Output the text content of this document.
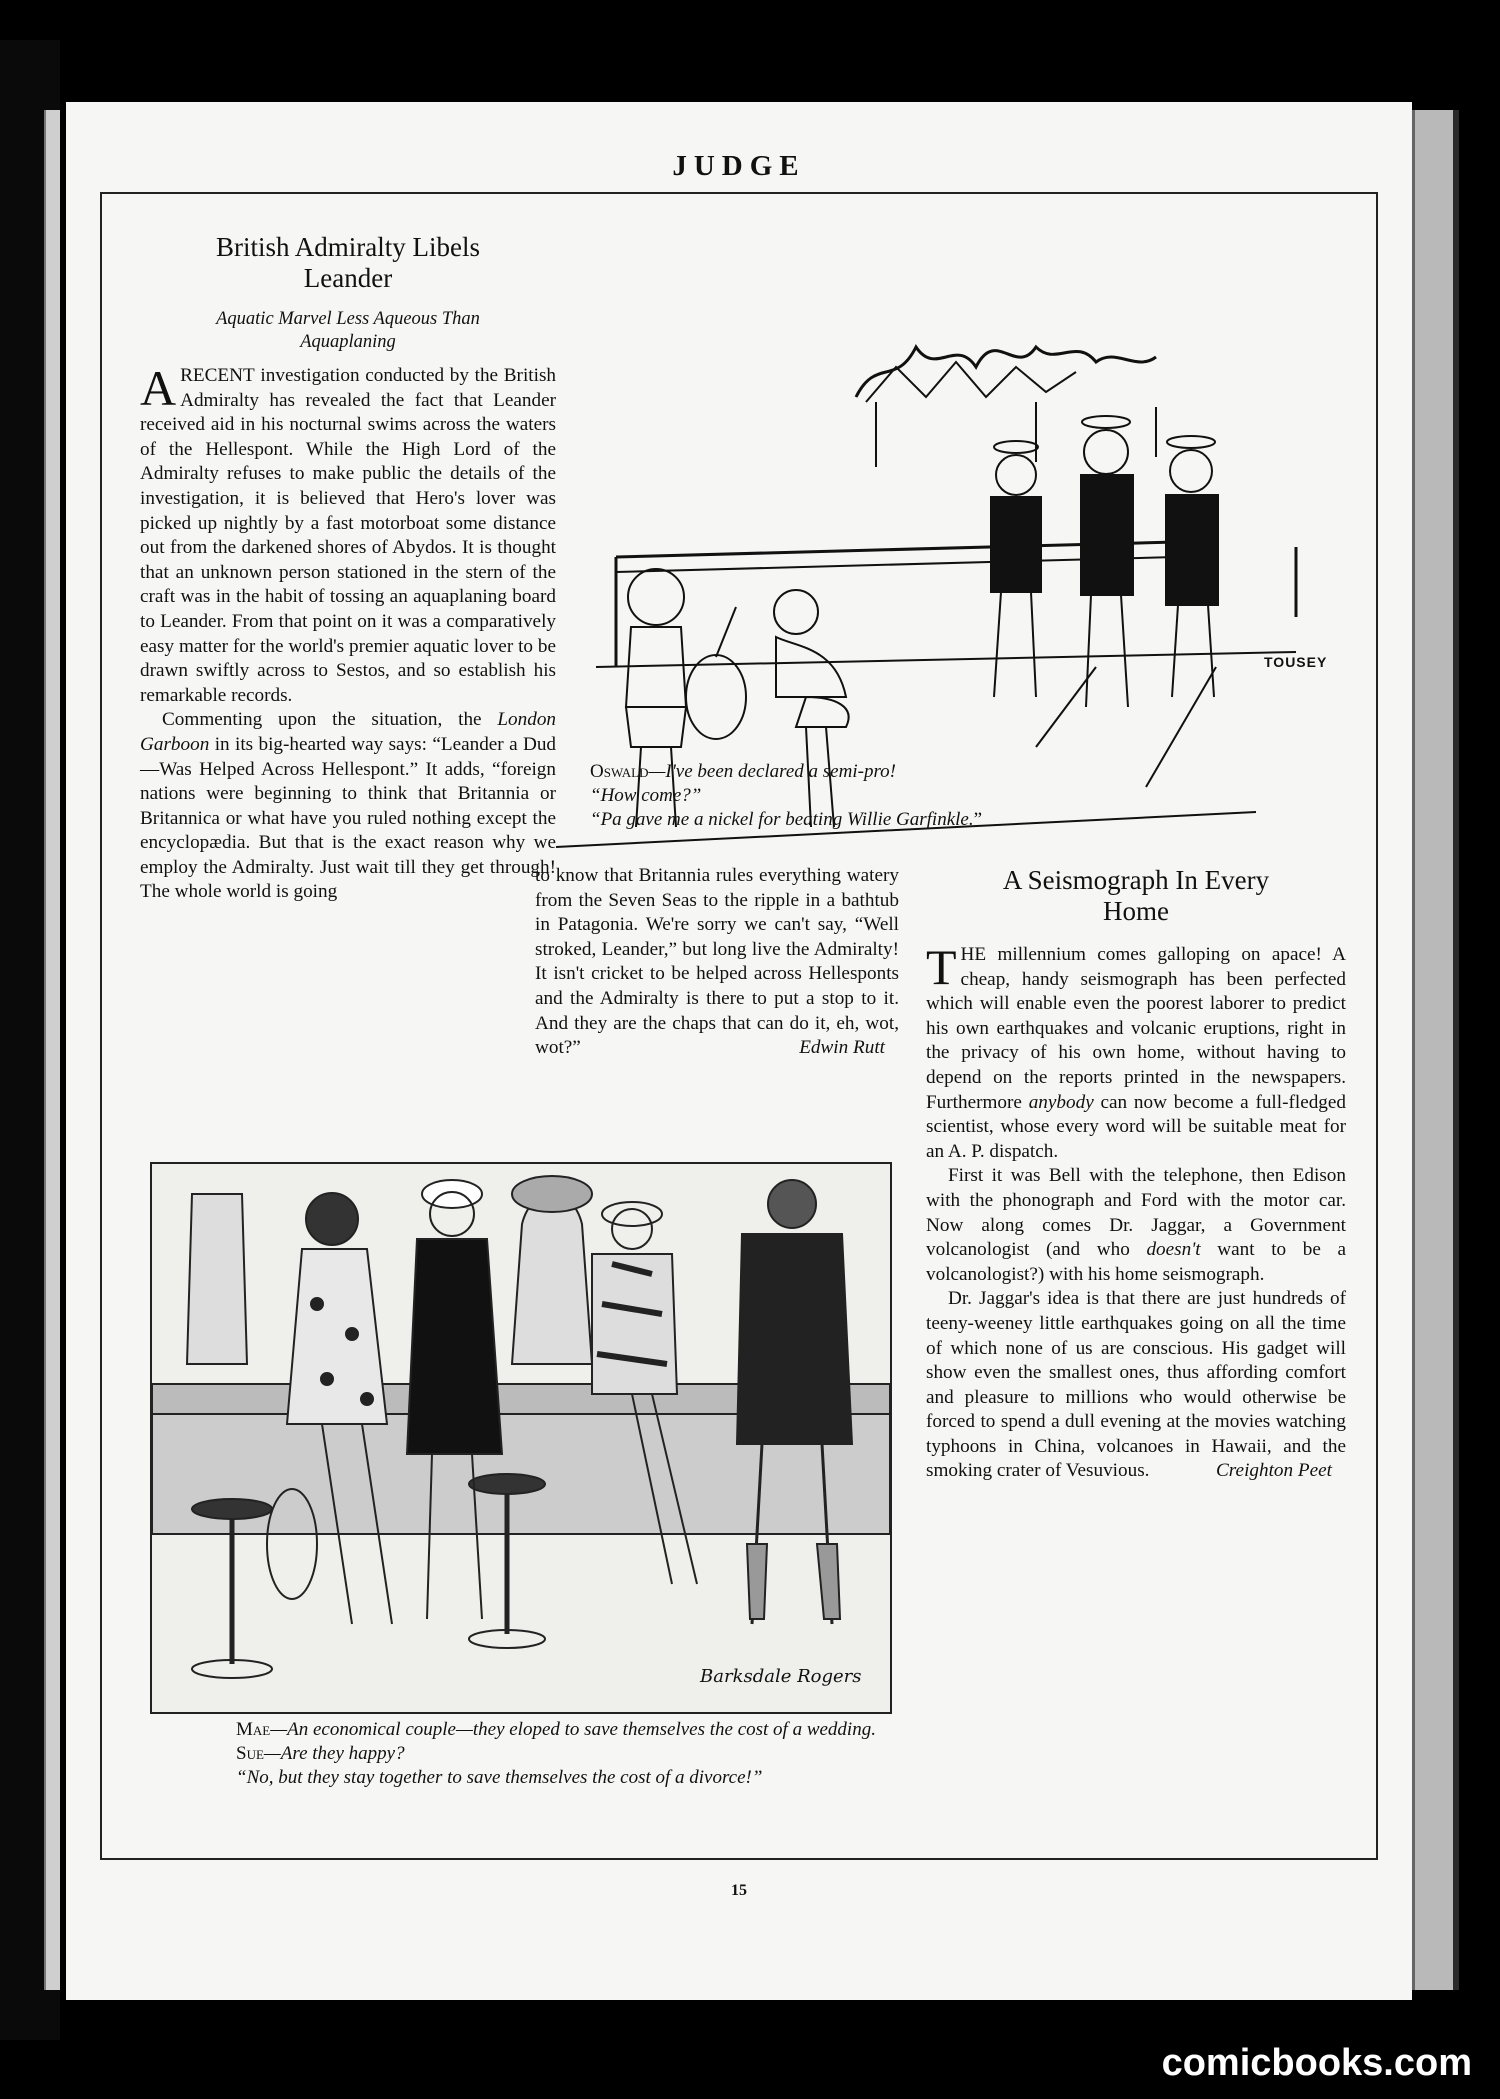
JUDGE
British Admiralty Libels
Leander
Aquatic Marvel Less Aqueous Than
Aquaplaning

ARECENT investigation conducted by the British Admiralty has revealed the fact that Leander received aid in his nocturnal swims across the waters of the Hellespont. While the High Lord of the Admiralty refuses to make public the details of the investigation, it is believed that Hero's lover was picked up nightly by a fast motorboat some distance out from the darkened shores of Abydos. It is thought that an unknown person stationed in the stern of the craft was in the habit of tossing an aquaplaning board to Leander. From that point on it was a comparatively easy matter for the world's premier aquatic lover to be drawn swiftly across to Sestos, and so establish his remarkable records.

Commenting upon the situation, the London Garboon in its big-hearted way says: “Leander a Dud—Was Helped Across Hellespont.” It adds, “foreign nations were beginning to think that Britannia or Britannica or what have you ruled nothing except the encyclopædia. But that is the exact reason why we employ the Admiralty. Just wait till they get through! The whole world is going

to know that Britannia rules everything watery from the Seven Seas to the ripple in a bathtub in Patagonia. We're sorry we can't say, “Well stroked, Leander,” but long live the Admiralty! It isn't cricket to be helped across Hellesponts and the Admiralty is there to put a stop to it. And they are the chaps that can do it, eh, wot, wot?”	Edwin Rutt

TOUSEY
Oswald—I've been declared a semi-pro!
“How come?”
“Pa gave me a nickel for beating Willie Garfinkle.”
A Seismograph In Every
Home

THE millennium comes galloping on apace! A cheap, handy seismograph has been perfected which will enable even the poorest laborer to predict his own earthquakes and volcanic eruptions, right in the privacy of his own home, without having to depend on the reports printed in the newspapers. Furthermore anybody can now become a full-fledged scientist, whose every word will be suitable meat for an A. P. dispatch.

First it was Bell with the telephone, then Edison with the phonograph and Ford with the motor car. Now along comes Dr. Jaggar, a Government volcanologist (and who doesn't want to be a volcanologist?) with his home seismograph.

Dr. Jaggar's idea is that there are just hundreds of teeny-weeney little earthquakes going on all the time of which none of us are conscious. His gadget will show even the smallest ones, thus affording comfort and pleasure to millions who would otherwise be forced to spend a dull evening at the movies watching typhoons in China, volcanoes in Hawaii, and the smoking crater of Vesuvious.	Creighton Peet

Barksdale Rogers
Mae—An economical couple—they eloped to save themselves the cost of a wedding.
Sue—Are they happy?
“No, but they stay together to save themselves the cost of a divorce!”
15
comicbooks.com
